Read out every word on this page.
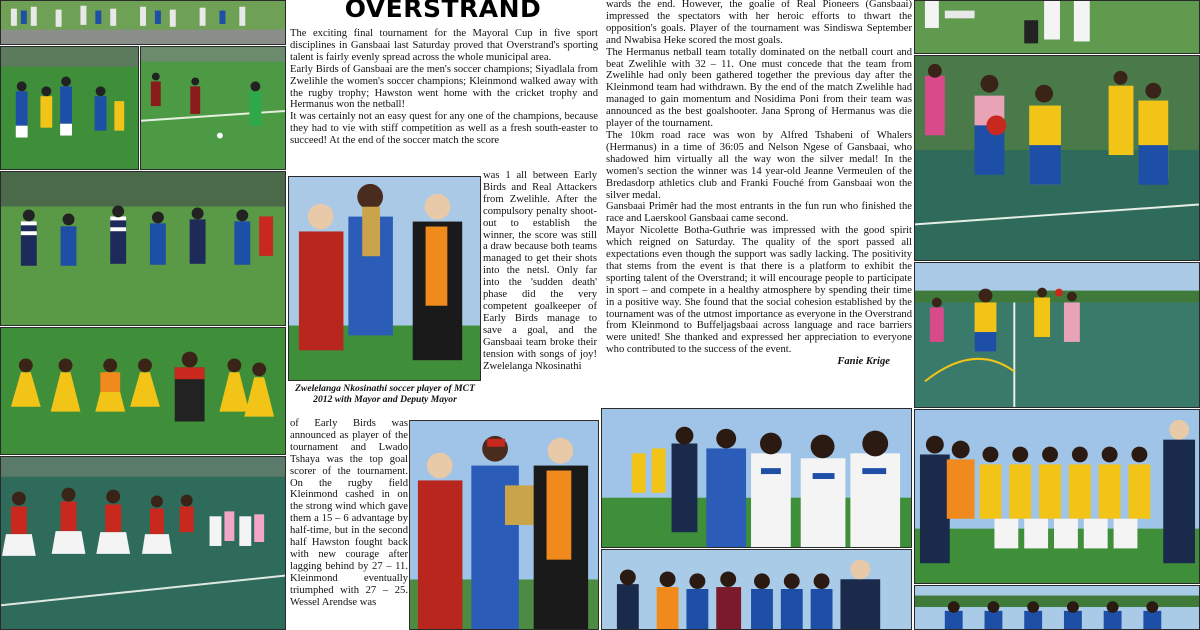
OVERSTRAND

The exciting final tournament for the Mayoral Cup in five sport disciplines in Gansbaai last Saturday proved that Overstrand's sporting talent is fairly evenly spread across the whole municipal area.

Early Birds of Gansbaai are the men's soccer champions; Siyadlala from Zwelihle the women's soccer champions; Kleinmond walked away with the rugby trophy; Hawston went home with the cricket trophy and Hermanus won the netball!

It was certainly not an easy quest for any one of the champions, because they had to vie with stiff competition as well as a fresh south-easter to succeed! At the end of the soccer match the score

Zwelelanga Nkosinathi soccer player of MCT 2012 with Mayor and Deputy Mayor

was 1 all between Early Birds and Real Attackers from Zwelihle. After the compulsory penalty shoot-out to establish the winner, the score was still a draw because both teams managed to get their shots into the netsl. Only far into the 'sudden death' phase did the very competent goalkeeper of Early Birds manage to save a goal, and the Gansbaai team broke their tension with songs of joy! Zwelelanga Nkosinathi

of Early Birds was announced as player of the tournament and Lwado Tshaya was the top goal scorer of the tournament. On the rugby field Kleinmond cashed in on the strong wind which gave them a 15 – 6 advantage by half-time, but in the second half Hawston fought back with new courage after lagging behind by 27 – 11. Kleinmond eventually triumphed with 27 – 25. Wessel Arendse was

wards the end. However, the goalie of Real Pioneers (Gansbaai) impressed the spectators with her heroic efforts to thwart the opposition's goals. Player of the tournament was Sindiswa September and Nwabisa Heke scored the most goals.

The Hermanus netball team totally dominated on the netball court and beat Zwelihle with 32 – 11. One must concede that the team from Zwelihle had only been gathered together the previous day after the Kleinmond team had withdrawn. By the end of the match Zwelihle had managed to gain momentum and Nosidima Poni from their team was announced as the best goalshooter. Jana Sprong of Hermanus was die player of the tournament.

The 10km road race was won by Alfred Tshabeni of Whalers (Hermanus) in a time of 36:05 and Nelson Ngese of Gansbaai, who shadowed him virtually all the way won the silver medal! In the women's section the winner was 14 year-old Jeanne Vermeulen of the Bredasdorp athletics club and Franki Fouché from Gansbaai won the silver medal.

Gansbaai Primêr had the most entrants in the fun run who finished the race and Laerskool Gansbaai came second.

Mayor Nicolette Botha-Guthrie was impressed with the good spirit which reigned on Saturday. The quality of the sport passed all expectations even though the support was sadly lacking. The positivity that stems from the event is that there is a platform to exhibit the sporting talent of the Overstrand; it will encourage people to participate in sport – and compete in a healthy atmosphere by spending their time in a positive way. She found that the social cohesion established by the tournament was of the utmost importance as everyone in the Overstrand from Kleinmond to Buffeljagsbaai across language and race barriers were united! She thanked and expressed her appreciation to everyone who contributed to the success of the event.

Fanie Krige
